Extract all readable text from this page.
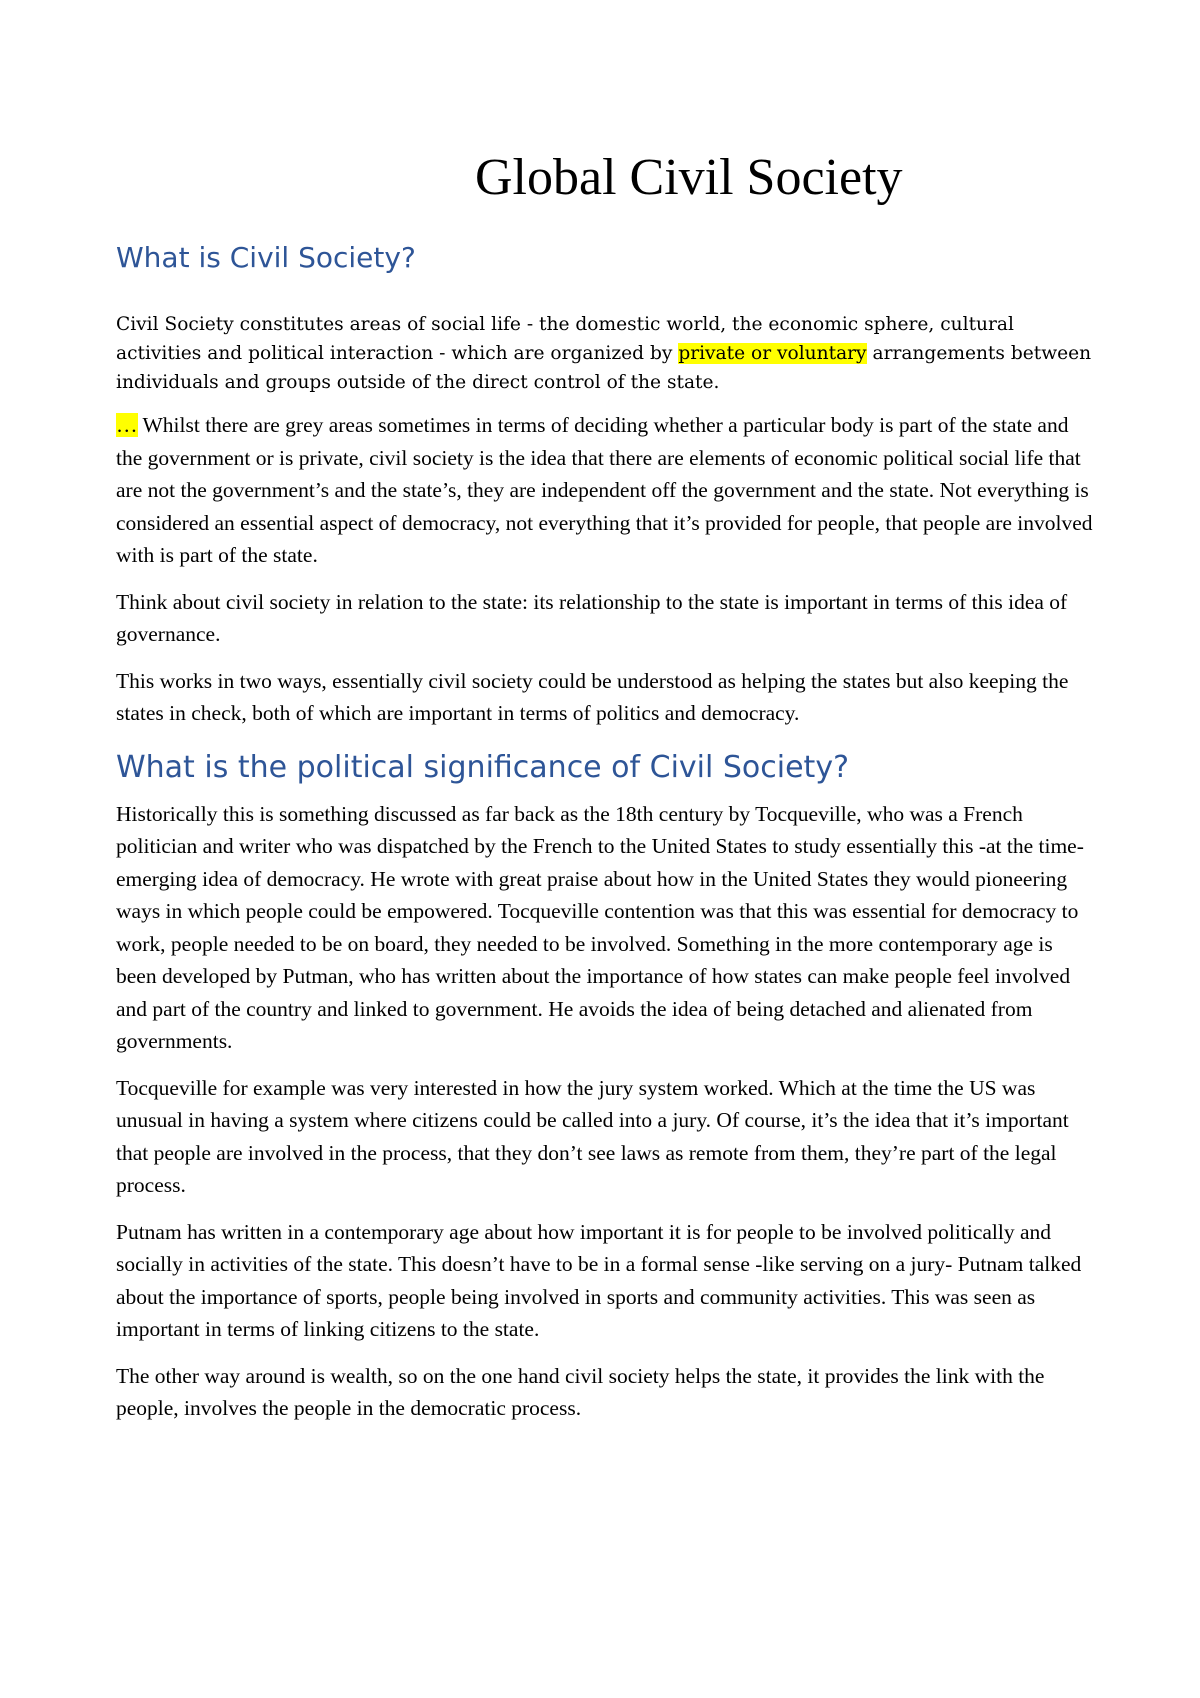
Global Civil Society
What is Civil Society?

Civil Society constitutes areas of social life - the domestic world, the economic sphere, cultural activities and political interaction - which are organized by private or voluntary arrangements between individuals and groups outside of the direct control of the state.

… Whilst there are grey areas sometimes in terms of deciding whether a particular body is part of the state and the government or is private, civil society is the idea that there are elements of economic political social life that are not the government’s and the state’s, they are independent off the government and the state. Not everything is considered an essential aspect of democracy, not everything that it’s provided for people, that people are involved with is part of the state.

Think about civil society in relation to the state: its relationship to the state is important in terms of this idea of governance.

This works in two ways, essentially civil society could be understood as helping the states but also keeping the states in check, both of which are important in terms of politics and democracy.

What is the political significance of Civil Society?

Historically this is something discussed as far back as the 18th century by Tocqueville, who was a French politician and writer who was dispatched by the French to the United States to study essentially this -at the time- emerging idea of democracy. He wrote with great praise about how in the United States they would pioneering ways in which people could be empowered. Tocqueville contention was that this was essential for democracy to work, people needed to be on board, they needed to be involved. Something in the more contemporary age is been developed by Putman, who has written about the importance of how states can make people feel involved and part of the country and linked to government. He avoids the idea of being detached and alienated from governments.

Tocqueville for example was very interested in how the jury system worked. Which at the time the US was unusual in having a system where citizens could be called into a jury. Of course, it’s the idea that it’s important that people are involved in the process, that they don’t see laws as remote from them, they’re part of the legal process.

Putnam has written in a contemporary age about how important it is for people to be involved politically and socially in activities of the state. This doesn’t have to be in a formal sense -like serving on a jury- Putnam talked about the importance of sports, people being involved in sports and community activities. This was seen as important in terms of linking citizens to the state.

The other way around is wealth, so on the one hand civil society helps the state, it provides the link with the people, involves the people in the democratic process.
